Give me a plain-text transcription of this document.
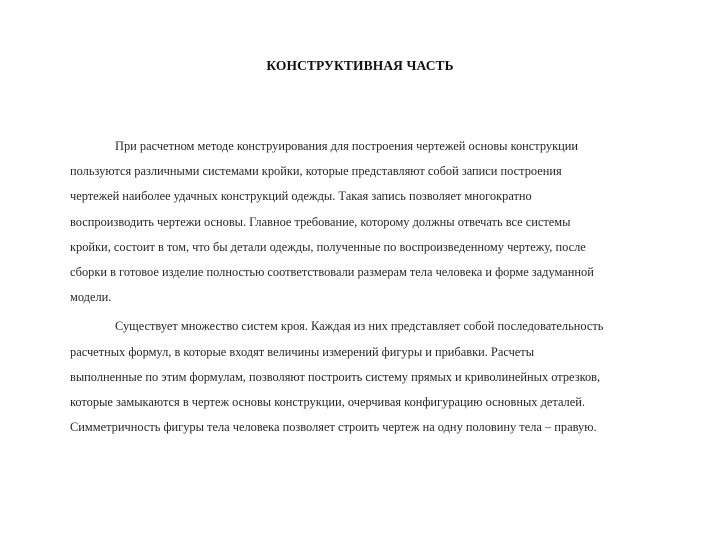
КОНСТРУКТИВНАЯ ЧАСТЬ

При расчетном методе конструирования для построения чертежей основы конструкции
пользуются различными системами кройки, которые представляют собой записи построения
чертежей наиболее удачных конструкций одежды. Такая запись позволяет многократно
воспроизводить чертежи основы. Главное требование, которому должны отвечать все системы
кройки, состоит в том, что бы детали одежды, полученные по воспроизведенному чертежу, после
сборки в готовое изделие полностью соответствовали размерам тела человека и форме задуманной
модели.

Существует множество систем кроя. Каждая из них представляет собой последовательность
расчетных формул, в которые входят величины измерений фигуры и прибавки. Расчеты
выполненные по этим формулам, позволяют построить систему прямых и криволинейных отрезков,
которые замыкаются в чертеж основы конструкции, очерчивая конфигурацию основных деталей.
Симметричность фигуры тела человека позволяет строить чертеж на одну половину тела – правую.
